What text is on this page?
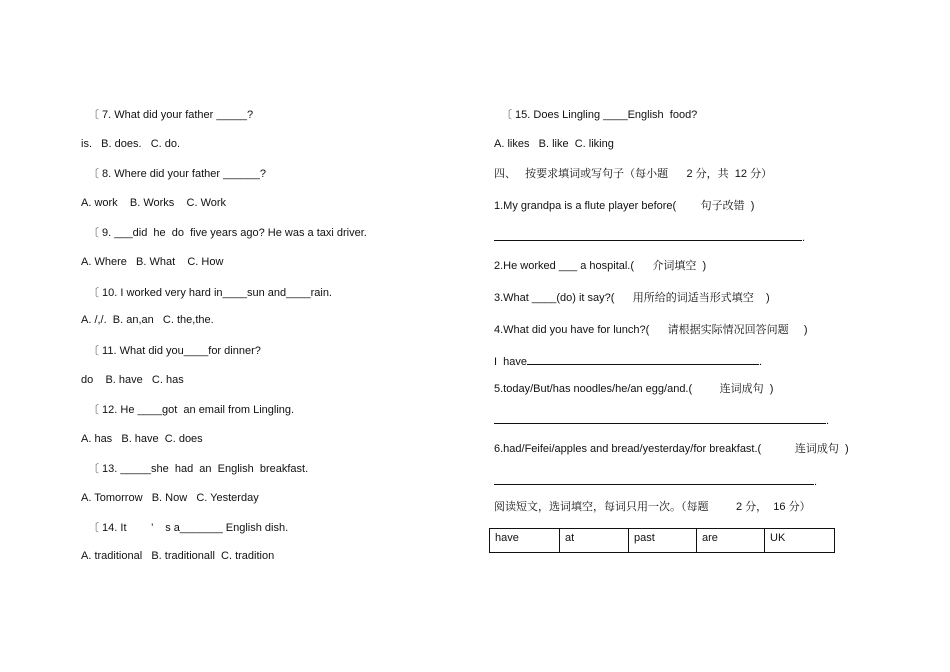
〔 7. What did your father _____?
is.   B. does.   C. do.
〔 8. Where did your father ______?
A. work    B. Works    C. Work
〔 9. ___did  he  do  five years ago? He was a taxi driver.
A. Where   B. What    C. How
〔 10. I worked very hard in____sun and____rain.
A. /,/.  B. an,an   C. the,the.
〔 11. What did you____for dinner?
do    B. have   C. has
〔 12. He ____got  an email from Lingling.
A. has   B. have  C. does
〔 13. _____she  had  an  English  breakfast.
A. Tomorrow   B. Now   C. Yesterday
〔 14. It        ’    s a_______ English dish.
A. traditional   B. traditionall  C. tradition
〔 15. Does Lingling ____English  food?
A. likes   B. like  C. liking
四、   按要求填词或写句子（每小题      2 分，共  12 分）
1.My grandpa is a flute player before(        句子改错  )
.
2.He worked ___ a hospital.(      介词填空  )
3.What ____(do) it say?(      用所给的词适当形式填空    )
4.What did you have for lunch?(      请根据实际情况回答问题     )
I  have	.
5.today/But/has noodles/he/an egg/and.(         连词成句  )
.
6.had/Feifei/apples and bread/yesterday/for breakfast.(           连词成句  )
.
阅读短文，选词填空，每词只用一次。（每题         2 分，  16 分）
have	at	past	are	UK
